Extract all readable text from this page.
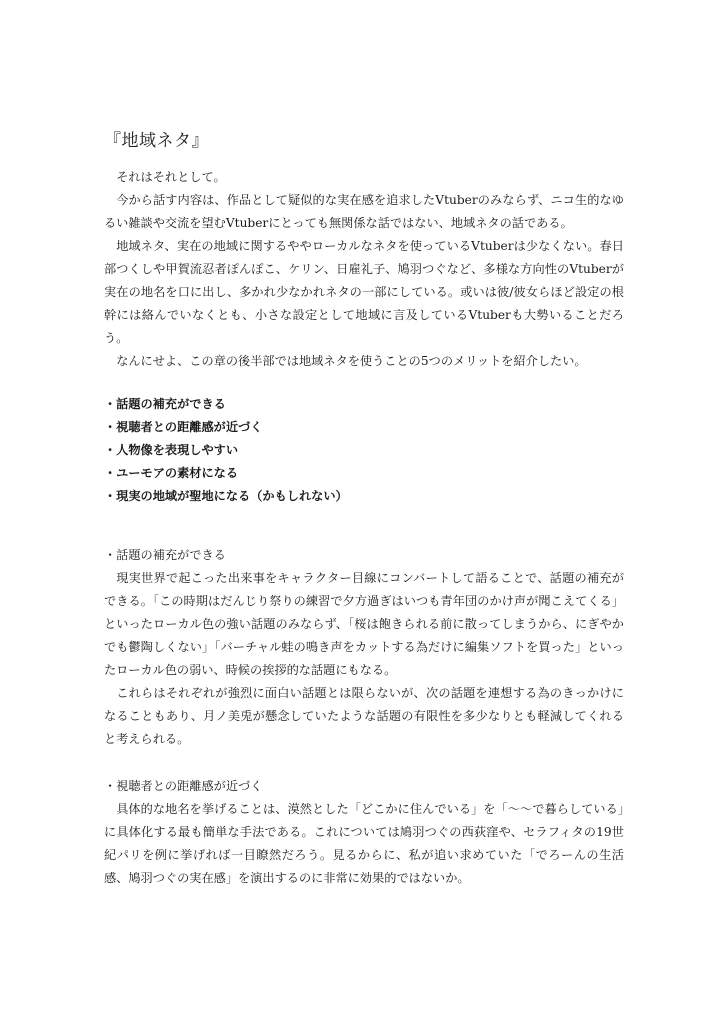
『地域ネタ』

それはそれとして。

今から話す内容は、作品として疑似的な実在感を追求したVtuberのみならず、ニコ生的なゆるい雑談や交流を望むVtuberにとっても無関係な話ではない、地域ネタの話である。

地域ネタ、実在の地域に関するややローカルなネタを使っているVtuberは少なくない。春日部つくしや甲賀流忍者ぽんぽこ、ケリン、日雇礼子、鳩羽つぐなど、多様な方向性のVtuberが実在の地名を口に出し、多かれ少なかれネタの一部にしている。或いは彼/彼女らほど設定の根幹には絡んでいなくとも、小さな設定として地域に言及しているVtuberも大勢いることだろう。

なんにせよ、この章の後半部では地域ネタを使うことの5つのメリットを紹介したい。

・話題の補充ができる
・視聴者との距離感が近づく
・人物像を表現しやすい
・ユーモアの素材になる
・現実の地域が聖地になる（かもしれない）

・話題の補充ができる

現実世界で起こった出来事をキャラクター目線にコンバートして語ることで、話題の補充ができる。「この時期はだんじり祭りの練習で夕方過ぎはいつも青年団のかけ声が聞こえてくる」といったローカル色の強い話題のみならず、「桜は飽きられる前に散ってしまうから、にぎやかでも鬱陶しくない」「バーチャル蛙の鳴き声をカットする為だけに編集ソフトを買った」といったローカル色の弱い、時候の挨拶的な話題にもなる。

これらはそれぞれが強烈に面白い話題とは限らないが、次の話題を連想する為のきっかけになることもあり、月ノ美兎が懸念していたような話題の有限性を多少なりとも軽減してくれると考えられる。

・視聴者との距離感が近づく

具体的な地名を挙げることは、漠然とした「どこかに住んでいる」を「〜〜で暮らしている」に具体化する最も簡単な手法である。これについては鳩羽つぐの西荻窪や、セラフィタの19世紀パリを例に挙げれば一目瞭然だろう。見るからに、私が追い求めていた「でろーんの生活感、鳩羽つぐの実在感」を演出するのに非常に効果的ではないか。
